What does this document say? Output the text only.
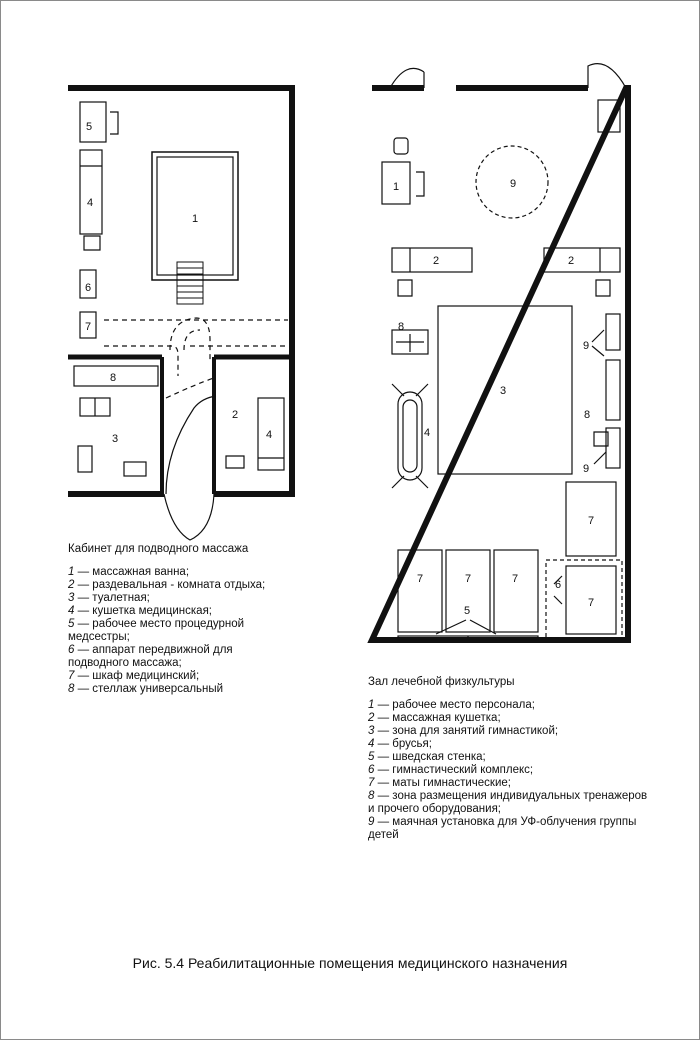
1
2
3
4
4
5
6
7
8
1
2	2
3
4
5
6
7
7	7	7
7
8
8
9
9
9
Кабинет для подводного массажа
1 — массажная ванна;
2 — раздевальная - комната отдыха;
3 — туалетная;
4 — кушетка медицинская;
5 — рабочее место процедурной медсестры;
6 — аппарат передвижной для подводного массажа;
7 — шкаф медицинский;
8 — стеллаж универсальный
Зал лечебной физкультуры
1 — рабочее место персонала;
2 — массажная кушетка;
3 — зона для занятий гимнастикой;
4 — брусья;
5 — шведская стенка;
6 — гимнастический комплекс;
7 — маты гимнастические;
8 — зона размещения индивидуальных тренажеров и прочего оборудования;
9 — маячная установка для УФ-облучения группы детей
Рис. 5.4 Реабилитационные помещения медицинского назначения
